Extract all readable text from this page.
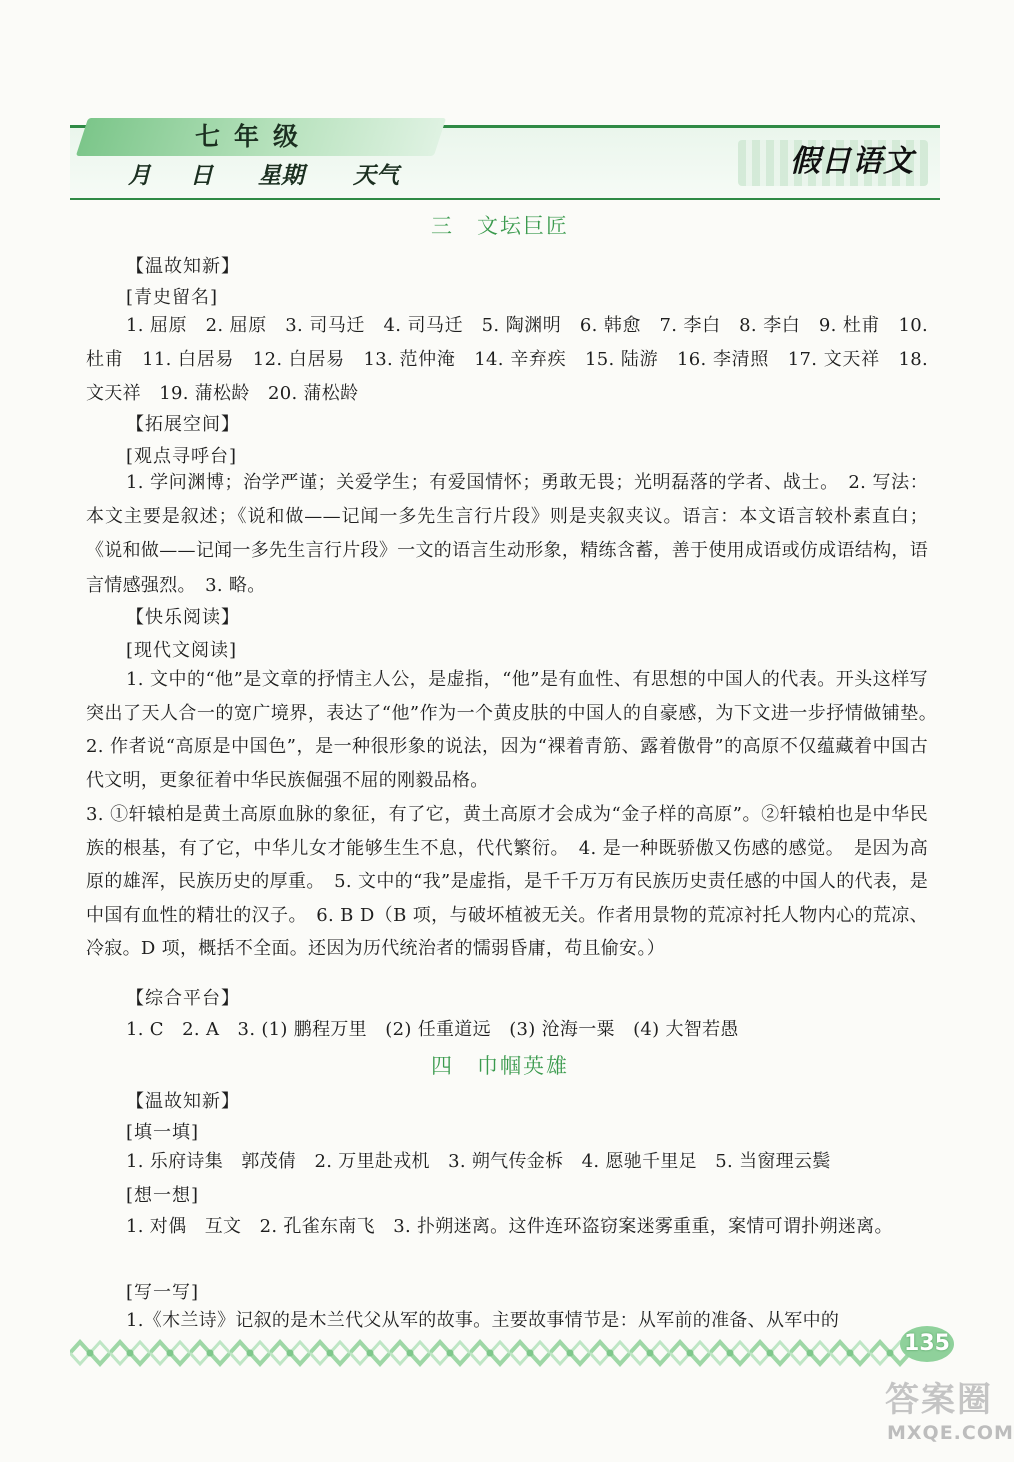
七年级
月 日 星期 天气	假日语文
三　文坛巨匠
【温故知新】
[青史留名]
1. 屈原　2. 屈原　3. 司马迁　4. 司马迁　5. 陶渊明　6. 韩愈　7. 李白　8. 李白　9. 杜甫　10. 杜甫　11. 白居易　12. 白居易　13. 范仲淹　14. 辛弃疾　15. 陆游　16. 李清照　17. 文天祥　18. 文天祥　19. 蒲松龄　20. 蒲松龄
【拓展空间】
[观点寻呼台]
1. 学问渊博；治学严谨；关爱学生；有爱国情怀；勇敢无畏；光明磊落的学者、战士。　2. 写法：本文主要是叙述；《说和做——记闻一多先生言行片段》则是夹叙夹议。语言：本文语言较朴素直白；《说和做——记闻一多先生言行片段》一文的语言生动形象，精练含蓄，善于使用成语或仿成语结构，语言情感强烈。　3. 略。
【快乐阅读】
[现代文阅读]
1. 文中的“他”是文章的抒情主人公，是虚指，“他”是有血性、有思想的中国人的代表。开头这样写突出了天人合一的宽广境界，表达了“他”作为一个黄皮肤的中国人的自豪感，为下文进一步抒情做铺垫。　2. 作者说“高原是中国色”，是一种很形象的说法，因为“裸着青筋、露着傲骨”的高原不仅蕴藏着中国古代文明，更象征着中华民族倔强不屈的刚毅品格。
3. ①轩辕柏是黄土高原血脉的象征，有了它，黄土高原才会成为“金子样的高原”。②轩辕柏也是中华民族的根基，有了它，中华儿女才能够生生不息，代代繁衍。　4. 是一种既骄傲又伤感的感觉。　是因为高原的雄浑，民族历史的厚重。　5. 文中的“我”是虚指，是千千万万有民族历史责任感的中国人的代表，是中国有血性的精壮的汉子。　6. B D（B 项，与破坏植被无关。作者用景物的荒凉衬托人物内心的荒凉、冷寂。D 项，概括不全面。还因为历代统治者的懦弱昏庸，苟且偷安。）
【综合平台】
1. C　2. A　3. (1) 鹏程万里　(2) 任重道远　(3) 沧海一粟　(4) 大智若愚
四　巾帼英雄
【温故知新】
[填一填]
1. 乐府诗集　郭茂倩　2. 万里赴戎机　3. 朔气传金柝　4. 愿驰千里足　5. 当窗理云鬓
[想一想]
1. 对偶　互文　2. 孔雀东南飞　3. 扑朔迷离。这件连环盗窃案迷雾重重，案情可谓扑朔迷离。
[写一写]
1.《木兰诗》记叙的是木兰代父从军的故事。主要故事情节是：从军前的准备、从军中的
135
答案圈
MXQE.COM
